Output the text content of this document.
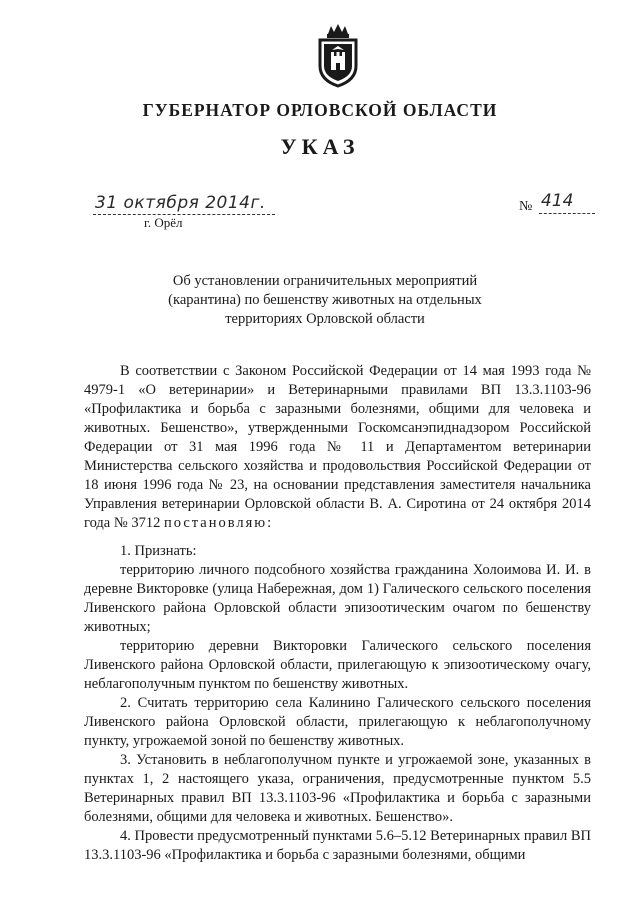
ГУБЕРНАТОР ОРЛОВСКОЙ ОБЛАСТИ
УКАЗ
31 октября 2014г.
г. Орёл
№ 414
Об установлении ограничительных мероприятий
(карантина) по бешенству животных на отдельных
территориях Орловской области

В соответствии с Законом Российской Федерации от 14 мая 1993 года № 4979-1 «О ветеринарии» и Ветеринарными правилами ВП 13.3.1103-96 «Профилактика и борьба с заразными болезнями, общими для человека и животных. Бешенство», утвержденными Госкомсанэпиднадзором Российской Федерации от 31 мая 1996 года № 11 и Департаментом ветеринарии Министерства сельского хозяйства и продовольствия Российской Федерации от 18 июня 1996 года № 23, на основании представления заместителя начальника Управления ветеринарии Орловской области В. А. Сиротина от 24 октября 2014 года № 3712 постановляю:

1. Признать:

территорию личного подсобного хозяйства гражданина Холоимова И. И. в деревне Викторовке (улица Набережная, дом 1) Галического сельского поселения Ливенского района Орловской области эпизоотическим очагом по бешенству животных;

территорию деревни Викторовки Галического сельского поселения Ливенского района Орловской области, прилегающую к эпизоотическому очагу, неблагополучным пунктом по бешенству животных.

2. Считать территорию села Калинино Галического сельского поселения Ливенского района Орловской области, прилегающую к неблагополучному пункту, угрожаемой зоной по бешенству животных.

3. Установить в неблагополучном пункте и угрожаемой зоне, указанных в пунктах 1, 2 настоящего указа, ограничения, предусмотренные пунктом 5.5 Ветеринарных правил ВП 13.3.1103-96 «Профилактика и борьба с заразными болезнями, общими для человека и животных. Бешенство».

4. Провести предусмотренный пунктами 5.6–5.12 Ветеринарных правил ВП 13.3.1103-96 «Профилактика и борьба с заразными болезнями, общими
